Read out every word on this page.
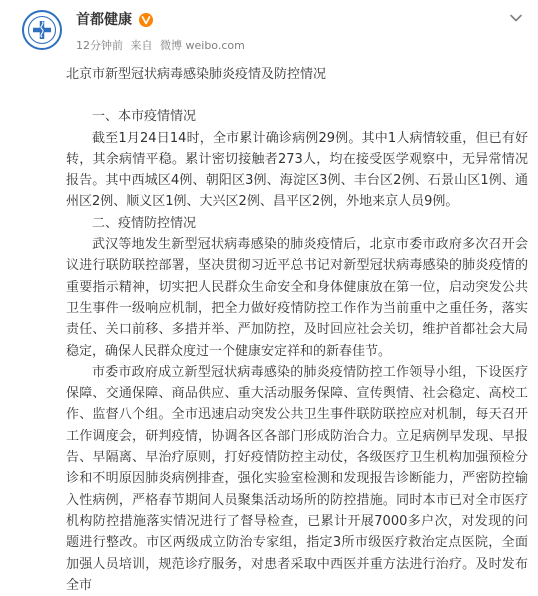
首都健康
12分钟前 来自 微博 weibo.com

北京市新型冠状病毒感染肺炎疫情及防控情况

一、本市疫情情况

截至1月24日14时，全市累计确诊病例29例。其中1人病情较重，但已有好转，其余病情平稳。累计密切接触者273人，均在接受医学观察中，无异常情况报告。其中西城区4例、朝阳区3例、海淀区3例、丰台区2例、石景山区1例、通州区2例、顺义区1例、大兴区2例、昌平区2例，外地来京人员9例。

二、疫情防控情况

武汉等地发生新型冠状病毒感染的肺炎疫情后，北京市委市政府多次召开会议进行联防联控部署，坚决贯彻习近平总书记对新型冠状病毒感染的肺炎疫情的重要指示精神，切实把人民群众生命安全和身体健康放在第一位，启动突发公共卫生事件一级响应机制，把全力做好疫情防控工作作为当前重中之重任务，落实责任、关口前移、多措并举、严加防控，及时回应社会关切，维护首都社会大局稳定，确保人民群众度过一个健康安定祥和的新春佳节。

市委市政府成立新型冠状病毒感染的肺炎疫情防控工作领导小组，下设医疗保障、交通保障、商品供应、重大活动服务保障、宣传舆情、社会稳定、高校工作、监督八个组。全市迅速启动突发公共卫生事件联防联控应对机制，每天召开工作调度会，研判疫情，协调各区各部门形成防治合力。立足病例早发现、早报告、早隔离、早治疗原则，打好疫情防控主动仗，各级医疗卫生机构加强预检分诊和不明原因肺炎病例排查，强化实验室检测和发现报告诊断能力，严密防控输入性病例，严格春节期间人员聚集活动场所的防控措施。同时本市已对全市医疗机构防控措施落实情况进行了督导检查，已累计开展7000多户次，对发现的问题进行整改。市区两级成立防治专家组，指定3所市级医疗救治定点医院，全面加强人员培训，规范诊疗服务，对患者采取中西医并重方法进行治疗。及时发布全市
